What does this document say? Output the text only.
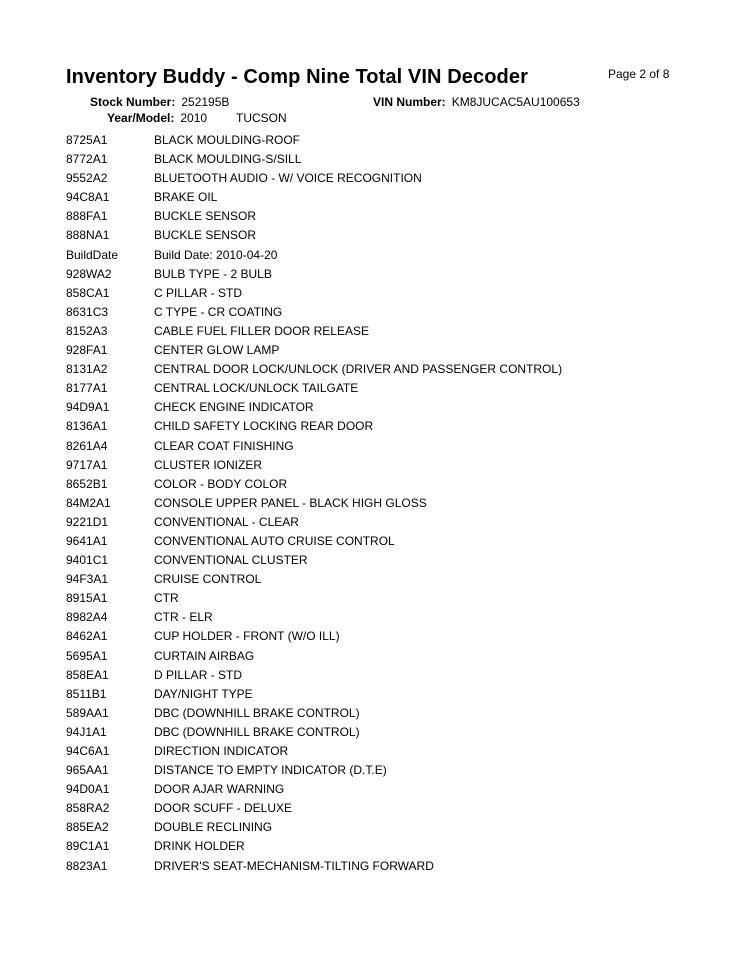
Inventory Buddy - Comp Nine Total VIN Decoder	Page 2 of 8
Stock Number: 252195B	VIN Number: KM8JUCAC5AU100653
Year/Model: 2010 TUCSON
8725A1	BLACK MOULDING-ROOF
8772A1	BLACK MOULDING-S/SILL
9552A2	BLUETOOTH AUDIO - W/ VOICE RECOGNITION
94C8A1	BRAKE OIL
888FA1	BUCKLE SENSOR
888NA1	BUCKLE SENSOR
BuildDate	Build Date: 2010-04-20
928WA2	BULB TYPE - 2 BULB
858CA1	C PILLAR - STD
8631C3	C TYPE - CR COATING
8152A3	CABLE FUEL FILLER DOOR RELEASE
928FA1	CENTER GLOW LAMP
8131A2	CENTRAL DOOR LOCK/UNLOCK (DRIVER AND PASSENGER CONTROL)
8177A1	CENTRAL LOCK/UNLOCK TAILGATE
94D9A1	CHECK ENGINE INDICATOR
8136A1	CHILD SAFETY LOCKING REAR DOOR
8261A4	CLEAR COAT FINISHING
9717A1	CLUSTER IONIZER
8652B1	COLOR - BODY COLOR
84M2A1	CONSOLE UPPER PANEL - BLACK HIGH GLOSS
9221D1	CONVENTIONAL - CLEAR
9641A1	CONVENTIONAL AUTO CRUISE CONTROL
9401C1	CONVENTIONAL CLUSTER
94F3A1	CRUISE CONTROL
8915A1	CTR
8982A4	CTR - ELR
8462A1	CUP HOLDER - FRONT (W/O ILL)
5695A1	CURTAIN AIRBAG
858EA1	D PILLAR - STD
8511B1	DAY/NIGHT TYPE
589AA1	DBC (DOWNHILL BRAKE CONTROL)
94J1A1	DBC (DOWNHILL BRAKE CONTROL)
94C6A1	DIRECTION INDICATOR
965AA1	DISTANCE TO EMPTY INDICATOR (D.T.E)
94D0A1	DOOR AJAR WARNING
858RA2	DOOR SCUFF - DELUXE
885EA2	DOUBLE RECLINING
89C1A1	DRINK HOLDER
8823A1	DRIVER'S SEAT-MECHANISM-TILTING FORWARD
